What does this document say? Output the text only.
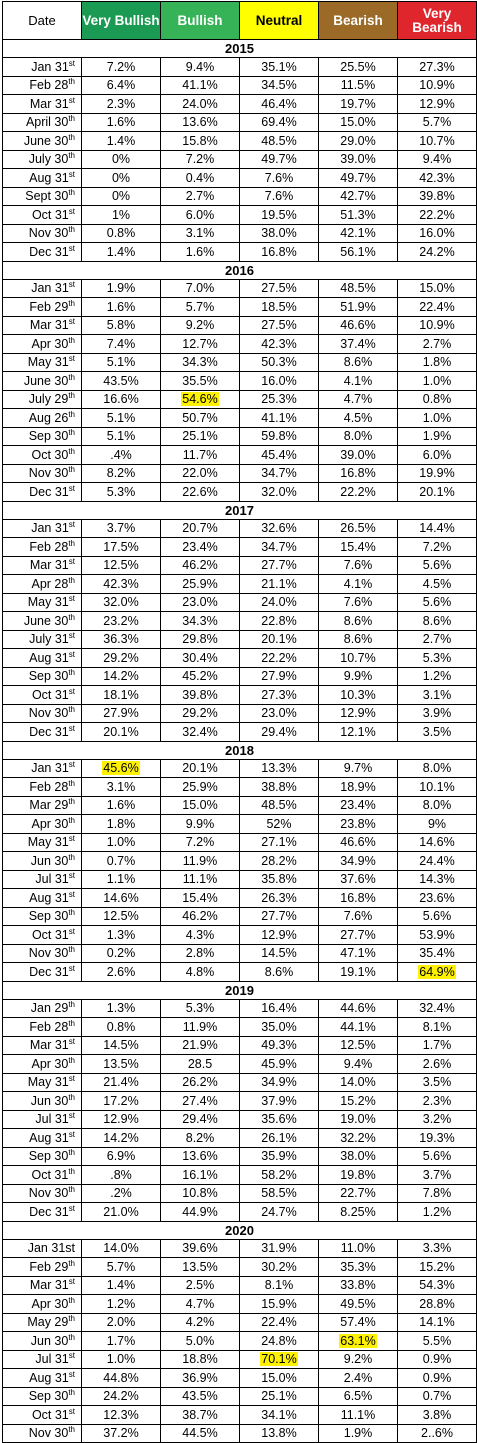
Date	Very Bullish	Bullish	Neutral	Bearish	Very Bearish
2015					
Jan 31st	7.2%	9.4%	35.1%	25.5%	27.3%
Feb 28th	6.4%	41.1%	34.5%	11.5%	10.9%
Mar 31st	2.3%	24.0%	46.4%	19.7%	12.9%
April 30th	1.6%	13.6%	69.4%	15.0%	5.7%
June 30th	1.4%	15.8%	48.5%	29.0%	10.7%
July 30th	0%	7.2%	49.7%	39.0%	9.4%
Aug 31st	0%	0.4%	7.6%	49.7%	42.3%
Sept 30th	0%	2.7%	7.6%	42.7%	39.8%
Oct 31st	1%	6.0%	19.5%	51.3%	22.2%
Nov 30th	0.8%	3.1%	38.0%	42.1%	16.0%
Dec 31st	1.4%	1.6%	16.8%	56.1%	24.2%
2016					
Jan 31st	1.9%	7.0%	27.5%	48.5%	15.0%
Feb 29th	1.6%	5.7%	18.5%	51.9%	22.4%
Mar 31st	5.8%	9.2%	27.5%	46.6%	10.9%
Apr 30th	7.4%	12.7%	42.3%	37.4%	2.7%
May 31st	5.1%	34.3%	50.3%	8.6%	1.8%
June 30th	43.5%	35.5%	16.0%	4.1%	1.0%
July 29th	16.6%	54.6%	25.3%	4.7%	0.8%
Aug 26th	5.1%	50.7%	41.1%	4.5%	1.0%
Sep 30th	5.1%	25.1%	59.8%	8.0%	1.9%
Oct 30th	.4%	11.7%	45.4%	39.0%	6.0%
Nov 30th	8.2%	22.0%	34.7%	16.8%	19.9%
Dec 31st	5.3%	22.6%	32.0%	22.2%	20.1%
2017					
Jan 31st	3.7%	20.7%	32.6%	26.5%	14.4%
Feb 28th	17.5%	23.4%	34.7%	15.4%	7.2%
Mar 31st	12.5%	46.2%	27.7%	7.6%	5.6%
Apr 28th	42.3%	25.9%	21.1%	4.1%	4.5%
May 31st	32.0%	23.0%	24.0%	7.6%	5.6%
June 30th	23.2%	34.3%	22.8%	8.6%	8.6%
July 31st	36.3%	29.8%	20.1%	8.6%	2.7%
Aug 31st	29.2%	30.4%	22.2%	10.7%	5.3%
Sep 30th	14.2%	45.2%	27.9%	9.9%	1.2%
Oct 31st	18.1%	39.8%	27.3%	10.3%	3.1%
Nov 30th	27.9%	29.2%	23.0%	12.9%	3.9%
Dec 31st	20.1%	32.4%	29.4%	12.1%	3.5%
2018					
Jan 31st	45.6%	20.1%	13.3%	9.7%	8.0%
Feb 28th	3.1%	25.9%	38.8%	18.9%	10.1%
Mar 29th	1.6%	15.0%	48.5%	23.4%	8.0%
Apr 30th	1.8%	9.9%	52%	23.8%	9%
May 31st	1.0%	7.2%	27.1%	46.6%	14.6%
Jun 30th	0.7%	11.9%	28.2%	34.9%	24.4%
Jul 31st	1.1%	11.1%	35.8%	37.6%	14.3%
Aug 31st	14.6%	15.4%	26.3%	16.8%	23.6%
Sep 30th	12.5%	46.2%	27.7%	7.6%	5.6%
Oct 31st	1.3%	4.3%	12.9%	27.7%	53.9%
Nov 30th	0.2%	2.8%	14.5%	47.1%	35.4%
Dec 31st	2.6%	4.8%	8.6%	19.1%	64.9%
2019					
Jan 29th	1.3%	5.3%	16.4%	44.6%	32.4%
Feb 28th	0.8%	11.9%	35.0%	44.1%	8.1%
Mar 31st	14.5%	21.9%	49.3%	12.5%	1.7%
Apr 30th	13.5%	28.5	45.9%	9.4%	2.6%
May 31st	21.4%	26.2%	34.9%	14.0%	3.5%
Jun 30th	17.2%	27.4%	37.9%	15.2%	2.3%
Jul 31st	12.9%	29.4%	35.6%	19.0%	3.2%
Aug 31st	14.2%	8.2%	26.1%	32.2%	19.3%
Sep 30th	6.9%	13.6%	35.9%	38.0%	5.6%
Oct 31th	.8%	16.1%	58.2%	19.8%	3.7%
Nov 30th	.2%	10.8%	58.5%	22.7%	7.8%
Dec 31st	21.0%	44.9%	24.7%	8.25%	1.2%
2020					
Jan 31st	14.0%	39.6%	31.9%	11.0%	3.3%
Feb 29th	5.7%	13.5%	30.2%	35.3%	15.2%
Mar 31st	1.4%	2.5%	8.1%	33.8%	54.3%
Apr 30th	1.2%	4.7%	15.9%	49.5%	28.8%
May 29th	2.0%	4.2%	22.4%	57.4%	14.1%
Jun 30th	1.7%	5.0%	24.8%	63.1%	5.5%
Jul 31st	1.0%	18.8%	70.1%	9.2%	0.9%
Aug 31st	44.8%	36.9%	15.0%	2.4%	0.9%
Sep 30th	24.2%	43.5%	25.1%	6.5%	0.7%
Oct 31st	12.3%	38.7%	34.1%	11.1%	3.8%
Nov 30th	37.2%	44.5%	13.8%	1.9%	2..6%
